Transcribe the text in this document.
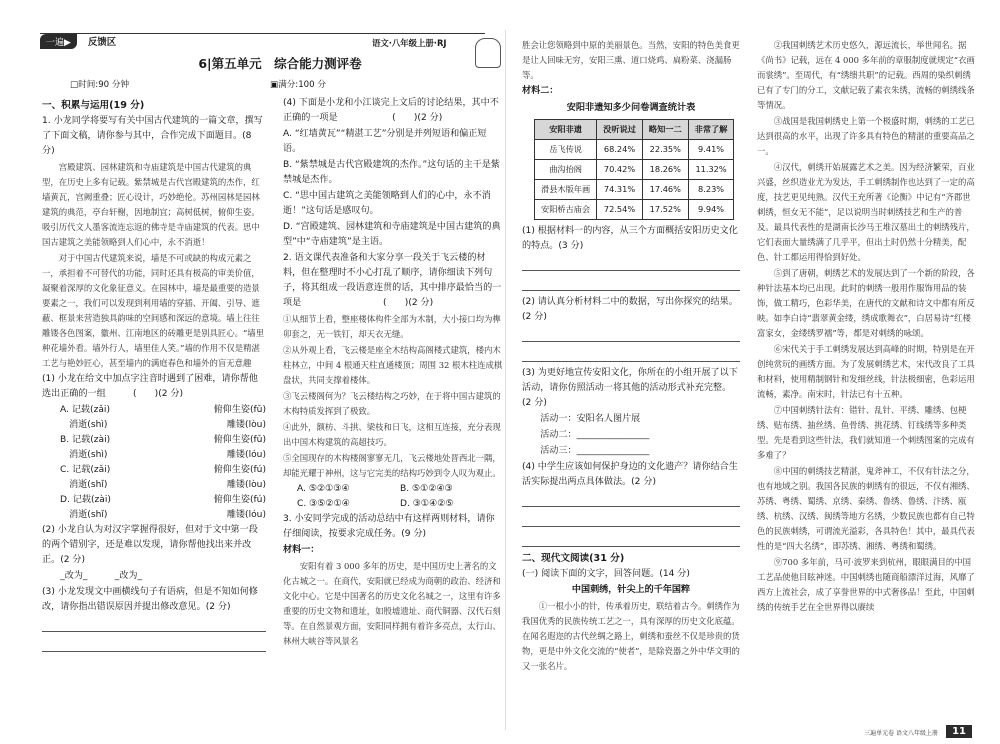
一遍▶	反馈区	语文·八年级上册·RJ
6|第五单元　综合能力测评卷
□时间:90 分钟	▣满分:100 分

一、积累与运用(19 分)

1. 小龙同学将要写有关中国古代建筑的一篇文章，撰写了下面文稿，请你参与其中，合作完成下面题目。(8 分)

宫殿建筑、园林建筑和寺庙建筑是中国古代建筑的典型，在历史上多有记载。紫禁城是古代宫殿建筑的杰作，红墙黄瓦，宫阙重叠；匠心设计，巧妙绝伦。苏州园林是园林建筑的典范，亭台轩榭，因地制宜；高树低树，俯仰生姿。吸引历代文人墨客流连忘返的佛寺是寺庙建筑的代表。思中国古建筑之美能领略到人们心中，永不消逝！

对于中国古代建筑来说，墙是不可或缺的构成元素之一，承担着不可替代的功能，同时还具有极高的审美价值，凝聚着深厚的文化象征意义。在园林中，墙是最重要的造景要素之一，我们可以发现到利用墙的穿插、开阖、引导、遮蔽、框景来营造独具韵味的空间感和深远的意境。墙上往往雕镂各色图案，徽州、江南地区的砖雕更是别具匠心。“墙里种花墙外看。墙外行人，墙里佳人笑。”墙的作用不仅是精湛工艺与艳妙匠心，甚至墙内的满庭春色和墙外的盲无意趣

(1) 小龙在给文中加点字注音时遇到了困难，请你帮他选出正确的一组　　　(　　)(2 分)

A. 记载(zǎi)	俯仰生姿(fǔ)
　消逝(shì)	雕镂(lòu)
B. 记载(zài)	俯仰生姿(fǔ)
　消逝(shì)	雕镂(lóu)
C. 记载(zǎi)	俯仰生姿(fú)
　消逝(shǐ)	雕镂(lòu)
D. 记载(zài)	俯仰生姿(fú)
　消逝(shǐ)	雕镂(lóu)

(2) 小龙自认为对汉字掌握得很好，但对于文中第一段的两个错别字，还是难以发现，请你帮他找出来并改正。(2 分)

　　_改为_　　　_改为_

(3) 小龙发现文中画横线句子有语病，但是不知如何修改，请你指出错误原因并提出修改意见。(2 分)

(4) 下面是小龙和小江谈完上文后的讨论结果，其中不正确的一项是　　　　　　(　　)(2 分)

A. “红墙黄瓦”“精湛工艺”分别是并列短语和偏正短语。

B. “紫禁城是古代宫殿建筑的杰作。”这句话的主干是紫禁城是杰作。

C. “思中国古建筑之美能领略到人们的心中，永不消逝！”这句话是感叹句。

D. “宫殿建筑、园林建筑和寺庙建筑是中国古建筑的典型”中“寺庙建筑”是主语。

2. 语文课代表准备和大家分享一段关于飞云楼的材料，但在整理时不小心打乱了顺序，请你细读下列句子，将其组成一段语意连贯的话，其中排序最恰当的一项是　　　　　　　　　(　　)(2 分)

①从细节上看，整座楼体构件全部为木制，大小接口均为榫卯套之，无一铁钉，却天衣无缝。

②从外观上看，飞云楼是座全木结构高阁楼式建筑，楼内木柱林立，中间 4 根通天柱直通楼顶；周围 32 根木柱连成棋盘状，共同支撑着楼体。

③飞云楼阁何为？飞云楼结构之巧妙，在于将中国古建筑的木构特质发挥到了极致。

④此外，额枋、斗拱、梁枝和日飞，这相互连接，充分表现出中国木构建筑的高超技巧。

⑤全国现存的木构楼阁寥寥无几，飞云楼地处晋西北一隅，却能光耀于神州，这与它完美的结构巧妙到令人叹为观止。

A. ⑤②①③④	B. ⑤①②④③
C. ③⑤②①④	D. ③①④②⑤

3. 小安同学完成的活动总结中有这样两则材料，请你仔细阅读，按要求完成任务。(9 分)

材料一：

安阳有着 3 000 多年的历史，是中国历史上著名的文化古城之一。在商代，安阳就已经成为商朝的政治、经济和文化中心。它是中国著名的历史文化名城之一，这里有许多重要的历史文物和遗址，如殷墟遗址、商代铜器、汉代石刻等。在自然景观方面，安阳同样拥有着许多亮点，太行山、林州大峡谷等风景名

胜会让您领略到中原的美丽景色。当然，安阳的特色美食更是让人回味无穷，安阳三熏、道口烧鸡、扁粉菜、浇漏肠等。

材料二：

安阳非遗知多少问卷调查统计表

安阳非遗	没听说过	略知一二	非常了解
岳飞传说	68.24%	22.35%	9.41%
曲沟抬阁	70.42%	18.26%	11.32%
滑县木版年画	74.31%	17.46%	8.23%
安阳桥古庙会	72.54%	17.52%	9.94%

(1) 根据材料一的内容，从三个方面概括安阳历史文化的特点。(3 分)

(2) 请认真分析材料二中的数据，写出你探究的结果。(2 分)

(3) 为更好地宣传安阳文化，你所在的小组开展了以下活动，请你仿照活动一将其他的活动形式补充完整。(2 分)

　　活动一：安阳名人图片展

　　活动二：________________

　　活动三：________________

(4) 中学生应该如何保护身边的文化遗产？请你结合生活实际提出两点具体做法。(2 分)

二、现代文阅读(31 分)

(一) 阅读下面的文字，回答问题。(14 分)

中国刺绣，针尖上的千年国粹

①一根小小的针，传承着历史，联结着古今。刺绣作为我国优秀的民族传统工艺之一，具有深厚的历史文化底蕴。在闻名遐迩的古代丝绸之路上，刺绣和蚕丝不仅是珍贵的货物，更是中外文化交流的“使者”，是除瓷器之外中华文明的又一张名片。

②我国刺绣艺术历史悠久，源远流长，举世闻名。据《尚书》记载，远在 4 000 多年前的章服制度就规定“衣画而裳绣”。至周代，有“绣缋共职”的记载。西周的染织刺绣已有了专门的分工，文献记载了素衣朱绣，流畅的刺绣线条等情况。

③战国是我国刺绣史上第一个极盛时期，刺绣的工艺已达到很高的水平，出现了许多具有特色的精湛的重要高品之一。

④汉代，刺绣开始展露艺术之美。因为经济繁荣，百业兴盛，丝织造业尤为发达，手工刺绣制作也达到了一定的高度，技艺更见纯熟。汉代王充所著《论衡》中记有“齐郡世刺绣，恒女无不能”，足以说明当时刺绣技艺和生产的普及。最具代表性的是湖南长沙马王堆汉墓出土的刺绣残片，它们表面大量绣满了几乎平，但出土时仍然十分精美，配色、针工都运用得恰到好处。

⑤到了唐朝，刺绣艺术的发展达到了一个新的阶段，各种针法基本均已出现。此时的刺绣一般用作服饰用品的装饰，做工精巧，色彩华美，在唐代的文献和诗文中都有所反映。如李白诗“翡翠黄金缕，绣成歌舞衣”，白居易诗“红楼富家女，金缕绣罗襦”等，都是对刺绣的咏颂。

⑥宋代关于手工刺绣发展达到高峰的时期，特别是在开创纯赏玩的画绣方面。为了发展刺绣艺术，宋代改良了工具和材料，使用精制钢针和发细丝线，针法极细密，色彩运用流畅，素净。南宋时，针法已有十五种。

⑦中国刺绣针法有：错针、乱针、平绣、雕绣、包梗绣、贴布绣、抽丝绣、鱼骨绣、挑花绣、钉线绣等多种类型。先是看到这些针法，我们就知道一个刺绣图案的完成有多难了？

⑧中国的刺绣技艺精湛，鬼斧神工，不仅有针法之分，也有地域之别。我国各民族的刺绣有的很远，不仅有湘绣、苏绣、粤绣、蜀绣、京绣、秦绣、鲁绣、鲁绣、汴绣、瓯绣、杭绣、汉绣、闽绣等地方名绣，少数民族也都有自己特色的民族刺绣，可谓流光溢彩，各具特色！其中，最具代表性的是“四大名绣”，即苏绣、湘绣、粤绣和蜀绣。

⑨700 多年前，马可·波罗来到杭州，眼眼满目的中国工艺品使他目眩神迷。中国刺绣也随商船漂洋过海，风靡了西方上流社会，成了享誉世界的中式奢侈品！至此，中国刺绣的传统手艺在全世界得以赓续

三遍单元卷 语文八年级上册	11
